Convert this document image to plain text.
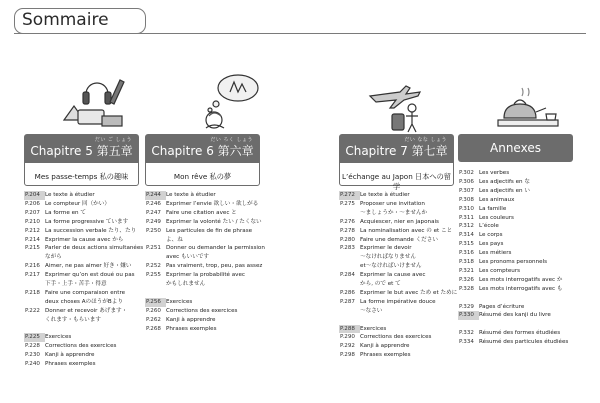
Sommaire
だい ご しょう
Chapitre 5 第五章
Mes passe-temps 私の趣味
P.204 Le texte à étudier
P.206 Le compteur 回（かい）
P.207 La forme en て
P.210 La forme progressive ています
P.212 La succession verbale たり、たり
P.214 Exprimer la cause avec から
P.215 Parler de deux actions simultanées
ながら
P.216 Aimer, ne pas aimer 好き・嫌い
P.217 Exprimer qu’on est doué ou pas
下手・上手・苦手・得意
P.218 Faire une comparaison entre
deux choses AのほうがBより
P.222 Donner et recevoir あげます・
くれます・もらいます
P.225 Exercices
P.228 Corrections des exercices
P.230 Kanji à apprendre
P.240 Phrases exemples
だい ろく しょう
Chapitre 6 第六章
Mon rêve 私の夢
P.244 Le texte à étudier
P.246 Exprimer l’envie 欲しい・欲しがる
P.247 Faire une citation avec と
P.249 Exprimer la volonté たい / たくない
P.250 Les particules de fin de phrase
よ、ね
P.251 Donner ou demander la permission
avec もいいです
P.252 Pas vraiment, trop, peu, pas assez
P.255 Exprimer la probabilité avec
かもしれません
P.256 Exercices
P.260 Corrections des exercices
P.262 Kanji à apprendre
P.268 Phrases exemples
だい なな しょう
Chapitre 7 第七章
L’échange au Japon 日本への留学
P.272 Le texte à étudier
P.275 Proposer une invitation
〜ましょうか・〜ませんか
P.276 Acquiescer, nier en japonais
P.278 La nominalisation avec の et こと
P.280 Faire une demande ください
P.283 Exprimer le devoir
〜なければなりません
et〜なければいけません
P.284 Exprimer la cause avec
から, ので et て
P.286 Exprimer le but avec ため et ために
P.287 La forme impérative douce
〜なさい
P.288 Exercices
P.290 Corrections des exercices
P.292 Kanji à apprendre
P.298 Phrases exemples
Annexes
P.302 Les verbes
P.306 Les adjectifs en な
P.307 Les adjectifs en い
P.308 Les animaux
P.310 La famille
P.311 Les couleurs
P.312 L’école
P.314 Le corps
P.315 Les pays
P.316 Les métiers
P.318 Les pronoms personnels
P.321 Les compteurs
P.326 Les mots interrogatifs avec か
P.328 Les mots interrogatifs avec も
P.329 Pages d’écriture
P.330 Résumé des kanji du livre
P.332 Résumé des formes étudiées
P.334 Résumé des particules étudiées
